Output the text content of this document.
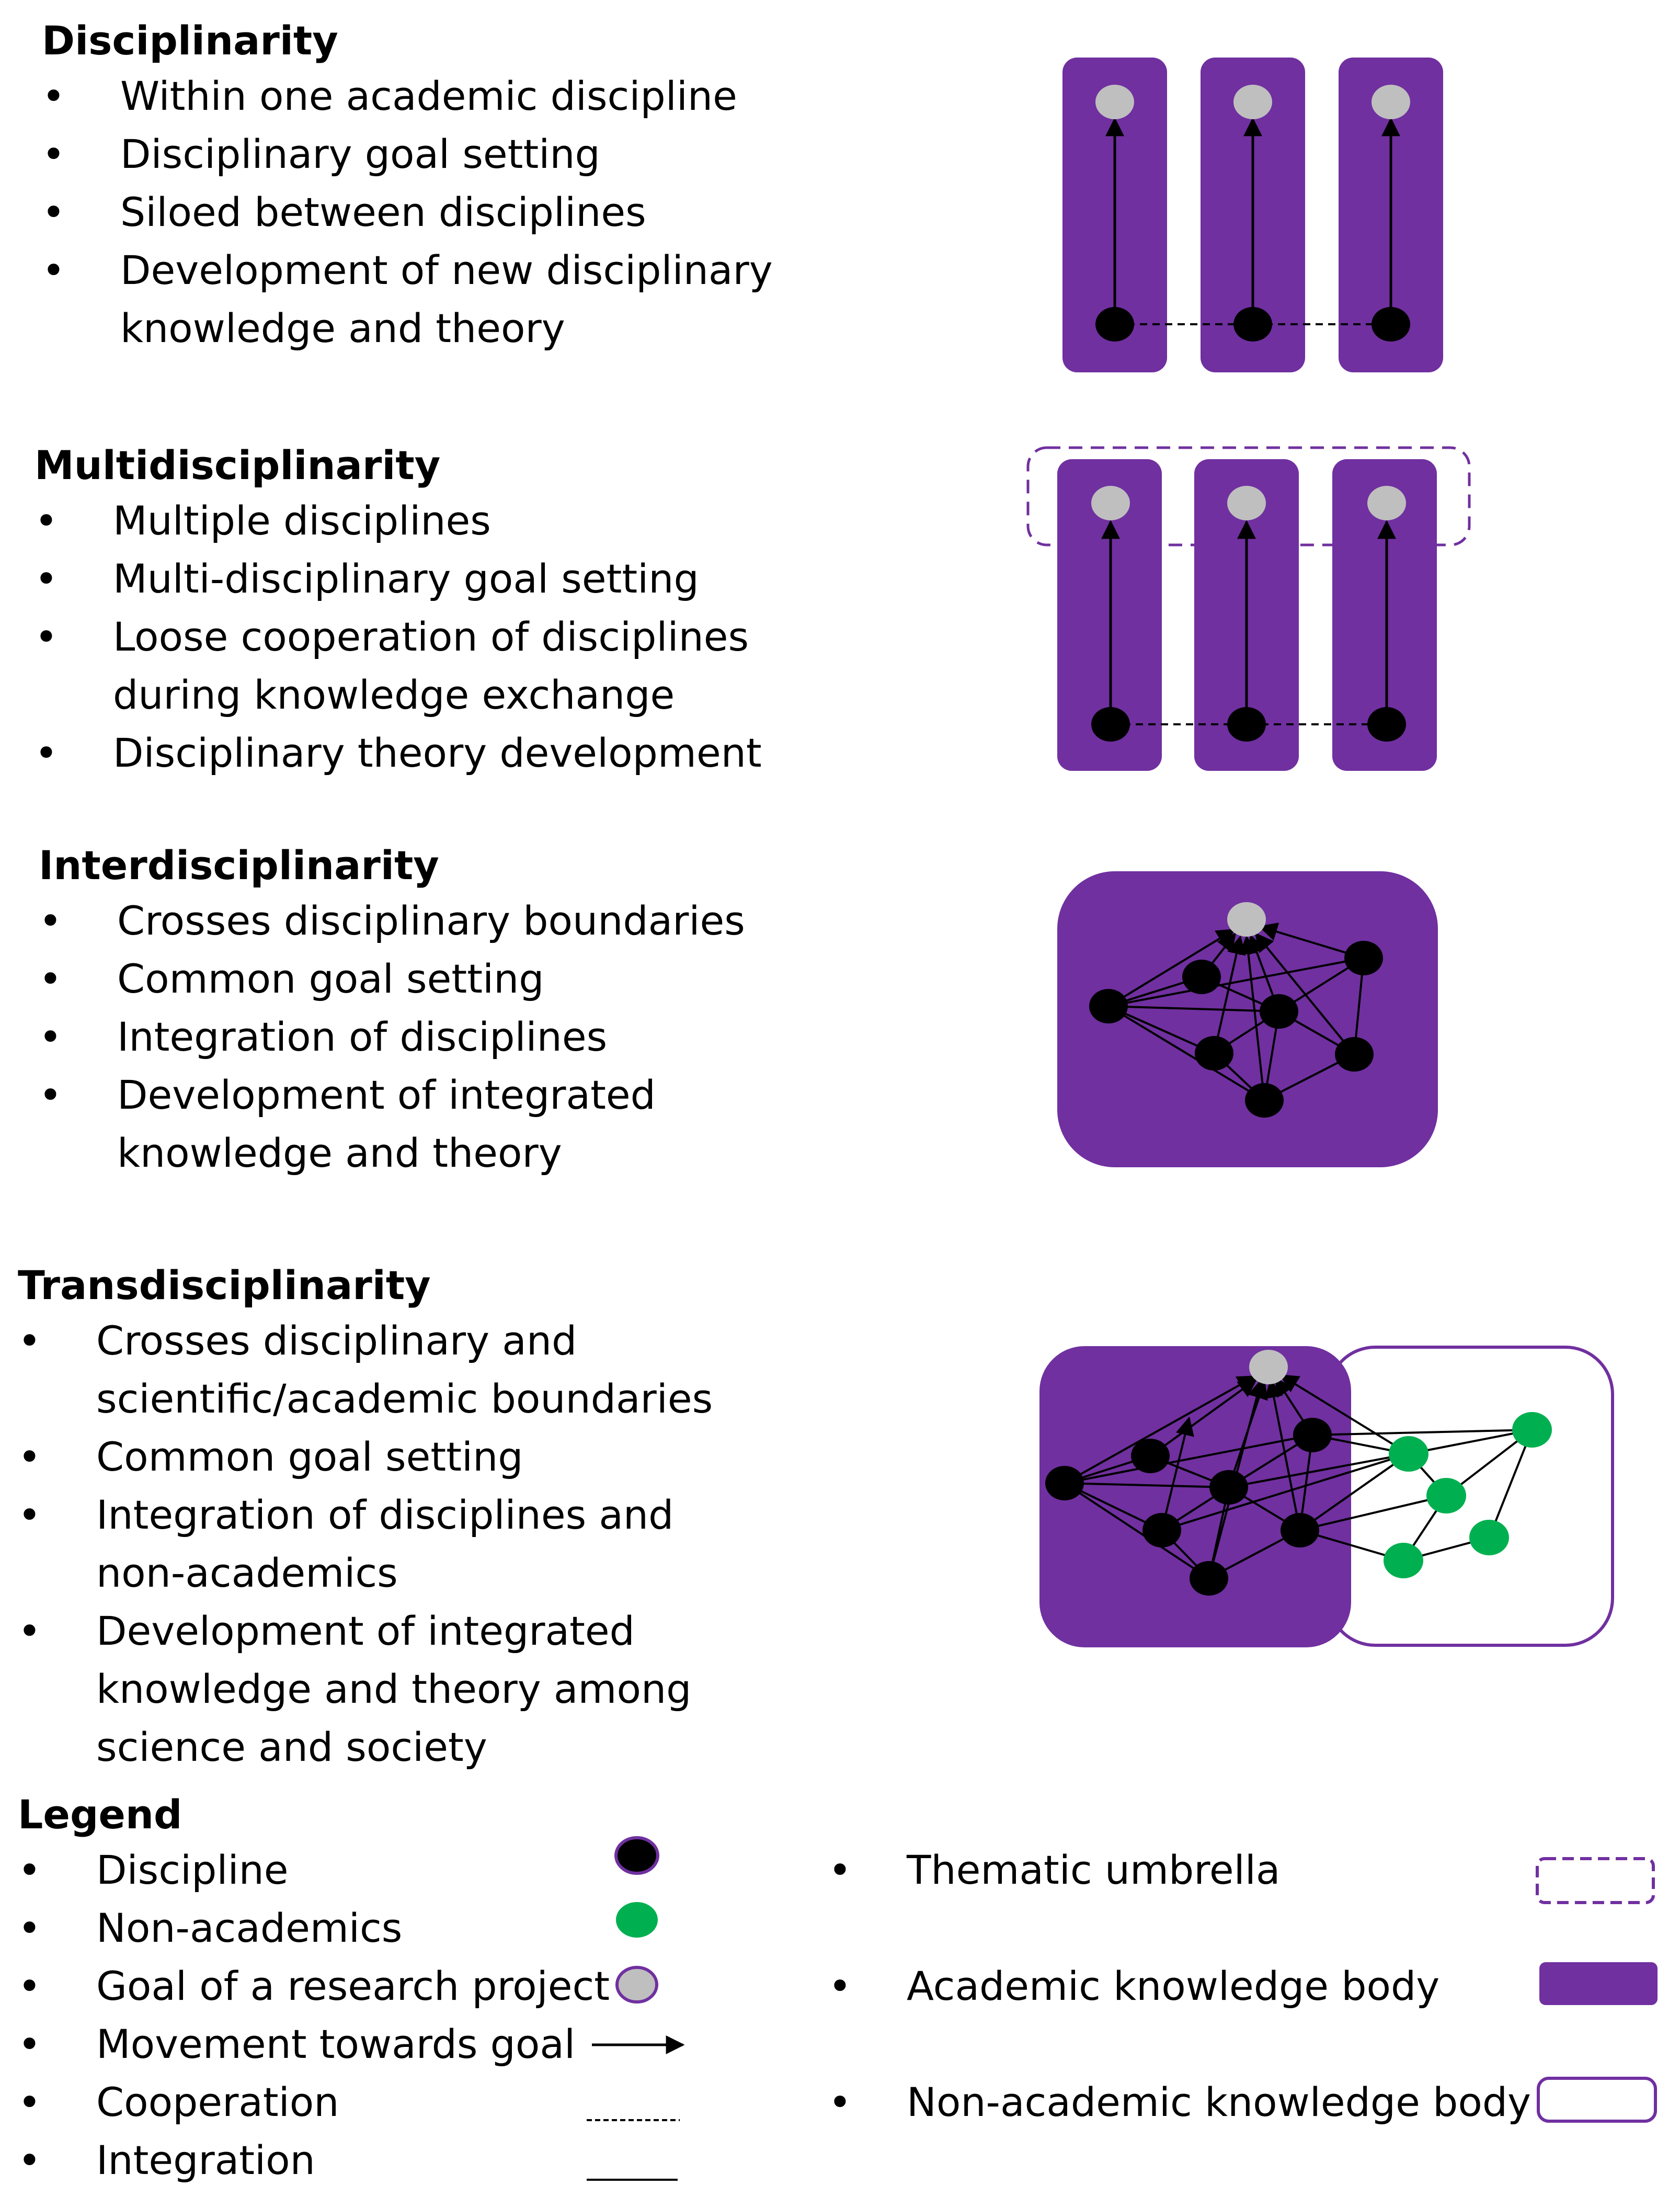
Disciplinarity
• Within one academic discipline
• Disciplinary goal setting
• Siloed between disciplines
• Development of new disciplinary
knowledge and theory
Multidisciplinarity
• Multiple disciplines
• Multi-disciplinary goal setting
• Loose cooperation of disciplines
during knowledge exchange
• Disciplinary theory development
Interdisciplinarity
• Crosses disciplinary boundaries
• Common goal setting
• Integration of disciplines
• Development of integrated
knowledge and theory
Transdisciplinarity
• Crosses disciplinary and
scientific/academic boundaries
• Common goal setting
• Integration of disciplines and
non-academics
• Development of integrated
knowledge and theory among
science and society
Legend
• Discipline
• Non-academics
• Goal of a research project
• Movement towards goal
• Cooperation
• Integration
• Thematic umbrella
• Academic knowledge body
• Non-academic knowledge body
